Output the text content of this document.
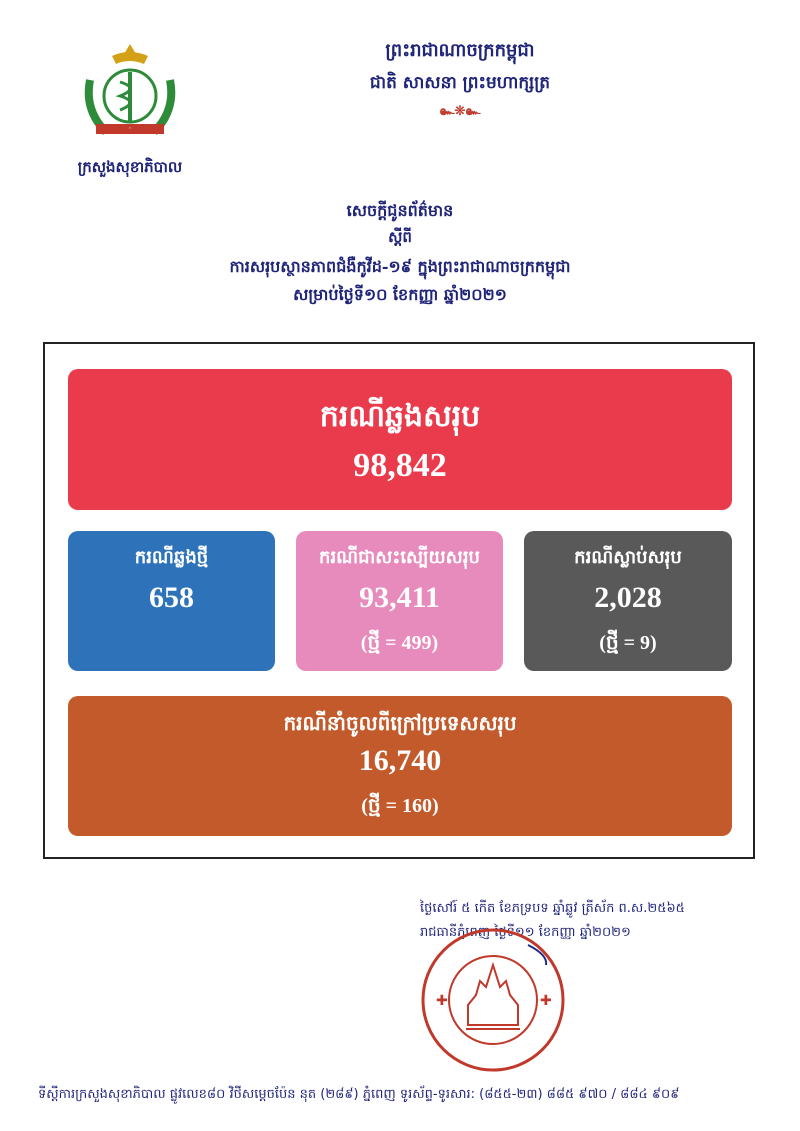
ᵔ
ក្រសួងសុខាភិបាល
ព្រះរាជាណាចក្រកម្ពុជា
ជាតិ សាសនា ព្រះមហាក្សត្រ
๛❊๛
សេចក្តីជូនព័ត៌មាន
ស្តីពី
ការសរុបស្ថានភាពជំងឺកូវីដ-១៩ ក្នុងព្រះរាជាណាចក្រកម្ពុជា
សម្រាប់ថ្ងៃទី១០ ខែកញ្ញា ឆ្នាំ២០២១
ករណីឆ្លងសរុប
98,842
ករណីឆ្លងថ្មី
658
ករណីជាសះស្បើយសរុប
93,411
(ថ្មី = 499)
ករណីស្លាប់សរុប
2,028
(ថ្មី = 9)
ករណីនាំចូលពីក្រៅប្រទេសសរុប
16,740
(ថ្មី = 160)
ថ្ងៃសៅរ៍ ៥ កើត ខែភទ្របទ ឆ្នាំឆ្លូវ ត្រីស័ក ព.ស.២៥៦៥
រាជធានីភ្នំពេញ ថ្ងៃទី១១ ខែកញ្ញា ឆ្នាំ២០២១
✚	✚
ទីស្តីការក្រសួងសុខាភិបាល ផ្លូវលេខ៨០ វិថីសម្តេចប៉ែន នុត (២៨៩) ភ្នំពេញ ទូរស័ព្ទ-ទូរសារ: (៨៥៥-២៣) ៨៨៥ ៩៧០ / ៨៨៤ ៩០៩
